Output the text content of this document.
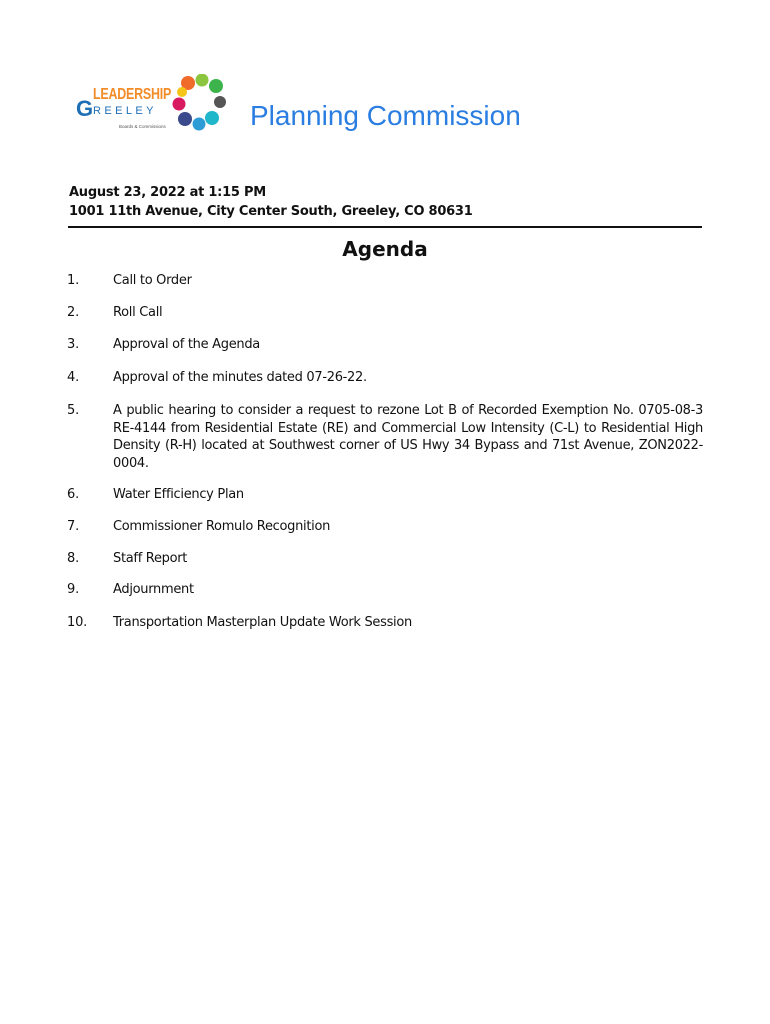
LEADERSHIP
G REELEY
Boards & Commissions	Planning Commission
August 23, 2022 at 1:15 PM
1001 11th Avenue, City Center South, Greeley, CO 80631
Agenda
1.	Call to Order
2.	Roll Call
3.	Approval of the Agenda
4.	Approval of the minutes dated 07-26-22.
5.	A public hearing to consider a request to rezone Lot B of Recorded Exemption No. 0705-08-3 RE-4144 from Residential Estate (RE) and Commercial Low Intensity (C-L) to Residential High Density (R-H) located at Southwest corner of US Hwy 34 Bypass and 71st Avenue, ZON2022-0004.
6.	Water Efficiency Plan
7.	Commissioner Romulo Recognition
8.	Staff Report
9.	Adjournment
10. Transportation Masterplan Update Work Session
